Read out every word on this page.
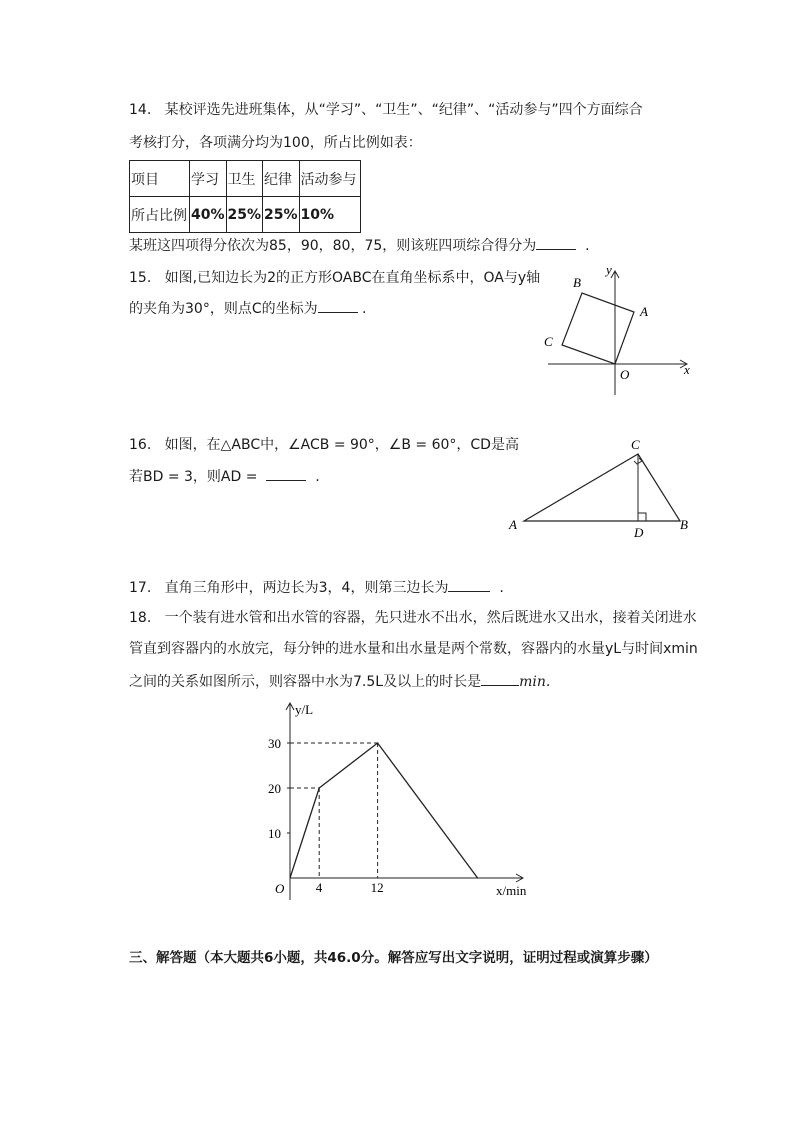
14. 某校评选先进班集体，从“学习”、“卫生”、“纪律”、“活动参与”四个方面综合
考核打分，各项满分均为100，所占比例如表：
项目	学习	卫生	纪律	活动参与
所占比例	40%	25%	25%	10%
某班这四项得分依次为85，90，80，75，则该班四项综合得分为	.
15. 如图,已知边长为2的正方形OABC在直角坐标系中，OA与y轴
的夹角为30°，则点C的坐标为	.
O
A
B
C
x
y
16. 如图，在△ABC中，∠ACB = 90°，∠B = 60°，CD是高
若BD = 3，则AD =	.
A
C
D
B
17. 直角三角形中，两边长为3，4，则第三边长为	.
18. 一个装有进水管和出水管的容器，先只进水不出水，然后既进水又出水，接着关闭进水
管直到容器内的水放完，每分钟的进水量和出水量是两个常数，容器内的水量yL与时间xmin
之间的关系如图所示，则容器中水为7.5L及以上的时长是	min.
y/L
x/min
O
10
20
30
4	12
三、解答题（本大题共6小题，共46.0分。解答应写出文字说明，证明过程或演算步骤）
